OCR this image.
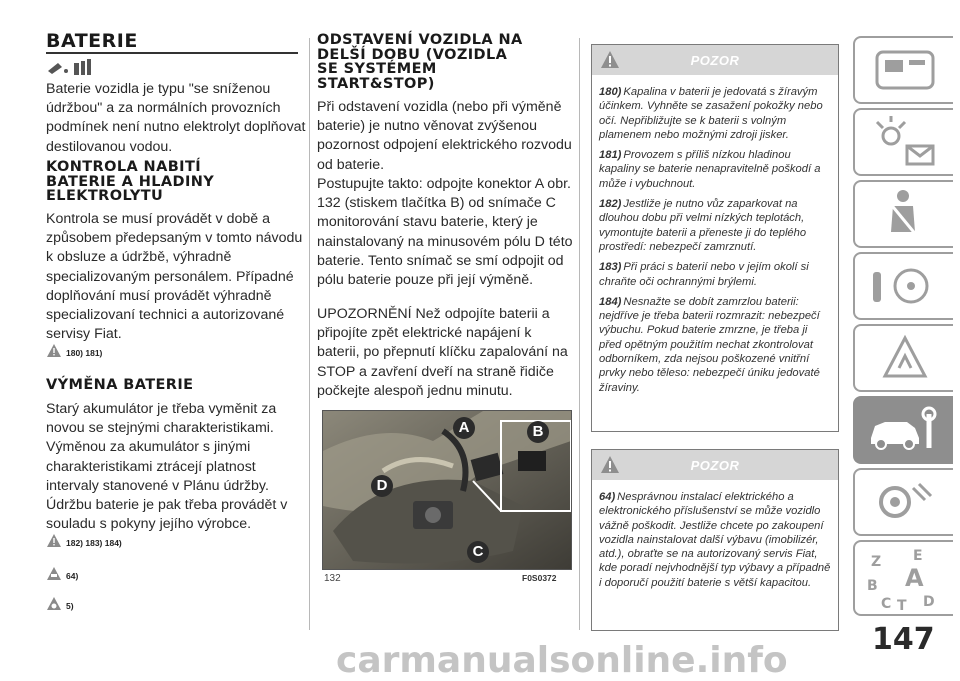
BATERIE

Baterie vozidla je typu "se sníženou údržbou" a za normálních provozních podmínek není nutno elektrolyt doplňovat destilovanou vodou.

KONTROLA NABITÍ
BATERIE A HLADINY
ELEKTROLYTU

Kontrola se musí provádět v době a způsobem předepsaným v tomto návodu k obsluze a údržbě, výhradně specializovaným personálem. Případné doplňování musí provádět výhradně specializovaní technici a autorizované servisy Fiat.

180) 181)
VÝMĚNA BATERIE

Starý akumulátor je třeba vyměnit za novou se stejnými charakteristikami. Výměnou za akumulátor s jinými charakteristikami ztrácejí platnost intervaly stanovené v Plánu údržby. Údržbu baterie je pak třeba provádět v souladu s pokyny jejího výrobce.

182) 183) 184)
64)
5)
ODSTAVENÍ VOZIDLA NA
DELŠÍ DOBU (VOZIDLA
SE SYSTÉMEM
START&STOP)

Při odstavení vozidla (nebo při výměně baterie) je nutno věnovat zvýšenou pozornost odpojení elektrického rozvodu od baterie.

Postupujte takto: odpojte konektor A obr. 132 (stiskem tlačítka B) od snímače C monitorování stavu baterie, který je nainstalovaný na minusovém pólu D této baterie. Tento snímač se smí odpojit od pólu baterie pouze při její výměně.

UPOZORNĚNÍ Než odpojíte baterii a připojíte zpět elektrické napájení k baterii, po přepnutí klíčku zapalování na STOP a zavření dveří na straně řidiče počkejte alespoň jednu minutu.

A	B
C
D
132	F0S0372
POZOR

180) Kapalina v baterii je jedovatá s žíravým účinkem. Vyhněte se zasažení pokožky nebo očí. Nepřibližujte se k baterii s volným plamenem nebo možnými zdroji jisker.

181) Provozem s příliš nízkou hladinou kapaliny se baterie nenapravitelně poškodí a může i vybuchnout.

182) Jestliže je nutno vůz zaparkovat na dlouhou dobu při velmi nízkých teplotách, vymontujte baterii a přeneste ji do teplého prostředí: nebezpečí zamrznutí.

183) Při práci s baterií nebo v jejím okolí si chraňte oči ochrannými brýlemi.

184) Nesnažte se dobít zamrzlou baterii: nejdříve je třeba baterii rozmrazit: nebezpečí výbuchu. Pokud baterie zmrzne, je třeba ji před opětným použitím nechat zkontrolovat odborníkem, zda nejsou poškozené vnitřní prvky nebo těleso: nebezpečí úniku jedovaté žíraviny.

POZOR

64) Nesprávnou instalací elektrického a elektronického příslušenství se může vozidlo vážně poškodit. Jestliže chcete po zakoupení vozidla nainstalovat další výbavu (imobilizér, atd.), obraťte se na autorizovaný servis Fiat, kde poradí nejvhodnější typ výbavy a případně i doporučí použití baterie s větší kapacitou.

Z E
B A
C T D
147
carmanualsonline.info
